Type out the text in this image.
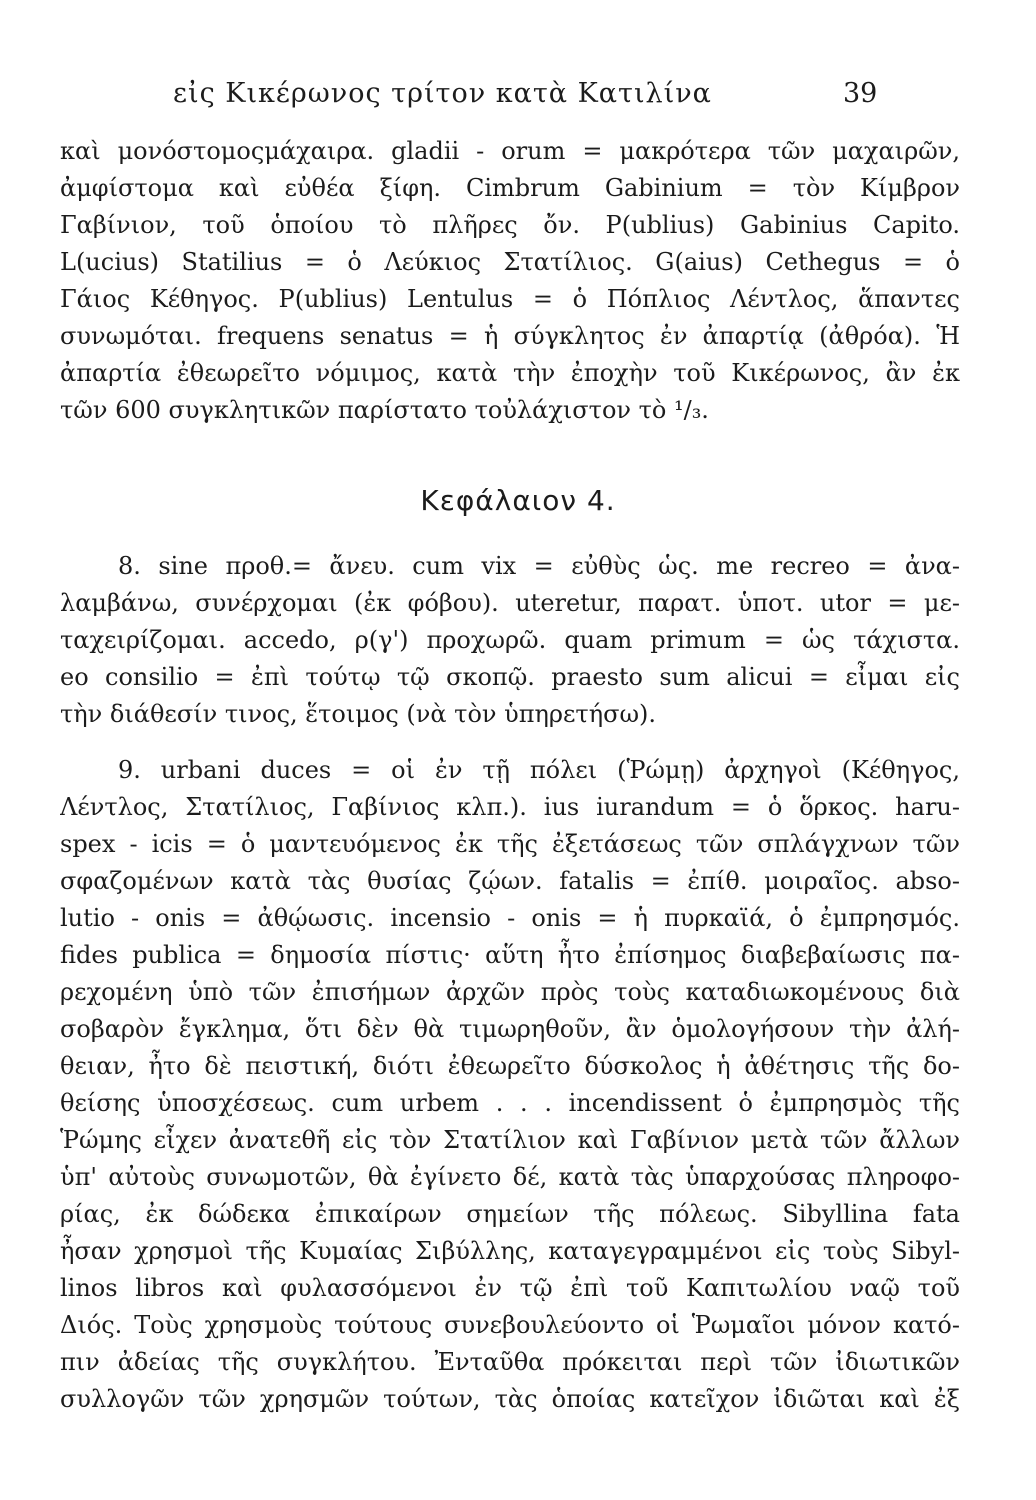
εἰς Κικέρωνος τρίτον κατὰ Κατιλίνα	39
καὶ μονόστομοςμάχαιρα. gladii - orum = μακρότερα τῶν μαχαιρῶν,
ἀμφίστομα καὶ εὐθέα ξίφη. Cimbrum Gabinium = τὸν Κίμβρον
Γαβίνιον, τοῦ ὁποίου τὸ πλῆρες ὄν. P(ublius) Gabinius Capito.
L(ucius) Statilius = ὁ Λεύκιος Στατίλιος. G(aius) Cethegus = ὁ
Γάιος Κέθηγος. P(ublius) Lentulus = ὁ Πόπλιος Λέντλος, ἅπαντες
συνωμόται. frequens senatus = ἡ σύγκλητος ἐν ἀπαρτίᾳ (ἀθρόα). Ἡ
ἀπαρτία ἐθεωρεῖτο νόμιμος, κατὰ τὴν ἐποχὴν τοῦ Κικέρωνος, ἂν ἐκ
τῶν 600 συγκλητικῶν παρίστατο τοὐλάχιστον τὸ ¹/₃.
Κεφάλαιον 4.
8. sine προθ.= ἄνευ. cum vix = εὐθὺς ὡς. me recreo = ἀνα-
λαμβάνω, συνέρχομαι (ἐκ φόβου). uteretur, παρατ. ὑποτ. utor = με-
ταχειρίζομαι. accedo, ρ(γ') προχωρῶ. quam primum = ὡς τάχιστα.
eo consilio = ἐπὶ τούτῳ τῷ σκοπῷ. praesto sum alicui = εἶμαι εἰς
τὴν διάθεσίν τινος, ἕτοιμος (νὰ τὸν ὑπηρετήσω).
9. urbani duces = οἱ ἐν τῇ πόλει (Ῥώμῃ) ἀρχηγοὶ (Κέθηγος,
Λέντλος, Στατίλιος, Γαβίνιος κλπ.). ius iurandum = ὁ ὅρκος. haru-
spex - icis = ὁ μαντευόμενος ἐκ τῆς ἐξετάσεως τῶν σπλάγχνων τῶν
σφαζομένων κατὰ τὰς θυσίας ζῴων. fatalis = ἐπίθ. μοιραῖος. abso-
lutio - onis = ἀθῴωσις. incensio - onis = ἡ πυρκαϊά, ὁ ἐμπρησμός.
fides publica = δημοσία πίστις· αὕτη ἦτο ἐπίσημος διαβεβαίωσις πα-
ρεχομένη ὑπὸ τῶν ἐπισήμων ἀρχῶν πρὸς τοὺς καταδιωκομένους διὰ
σοβαρὸν ἔγκλημα, ὅτι δὲν θὰ τιμωρηθοῦν, ἂν ὁμολογήσουν τὴν ἀλή-
θειαν, ἦτο δὲ πειστική, διότι ἐθεωρεῖτο δύσκολος ἡ ἀθέτησις τῆς δο-
θείσης ὑποσχέσεως. cum urbem . . . incendissent ὁ ἐμπρησμὸς τῆς
Ῥώμης εἶχεν ἀνατεθῆ εἰς τὸν Στατίλιον καὶ Γαβίνιον μετὰ τῶν ἄλλων
ὑπ' αὐτοὺς συνωμοτῶν, θὰ ἐγίνετο δέ, κατὰ τὰς ὑπαρχούσας πληροφο-
ρίας, ἐκ δώδεκα ἐπικαίρων σημείων τῆς πόλεως. Sibyllina fata
ἦσαν χρησμοὶ τῆς Κυμαίας Σιβύλλης, καταγεγραμμένοι εἰς τοὺς Sibyl-
linos libros καὶ φυλασσόμενοι ἐν τῷ ἐπὶ τοῦ Καπιτωλίου ναῷ τοῦ
Διός. Τοὺς χρησμοὺς τούτους συνεβουλεύοντο οἱ Ῥωμαῖοι μόνον κατό-
πιν ἀδείας τῆς συγκλήτου. Ἐνταῦθα πρόκειται περὶ τῶν ἰδιωτικῶν
συλλογῶν τῶν χρησμῶν τούτων, τὰς ὁποίας κατεῖχον ἰδιῶται καὶ ἐξ
